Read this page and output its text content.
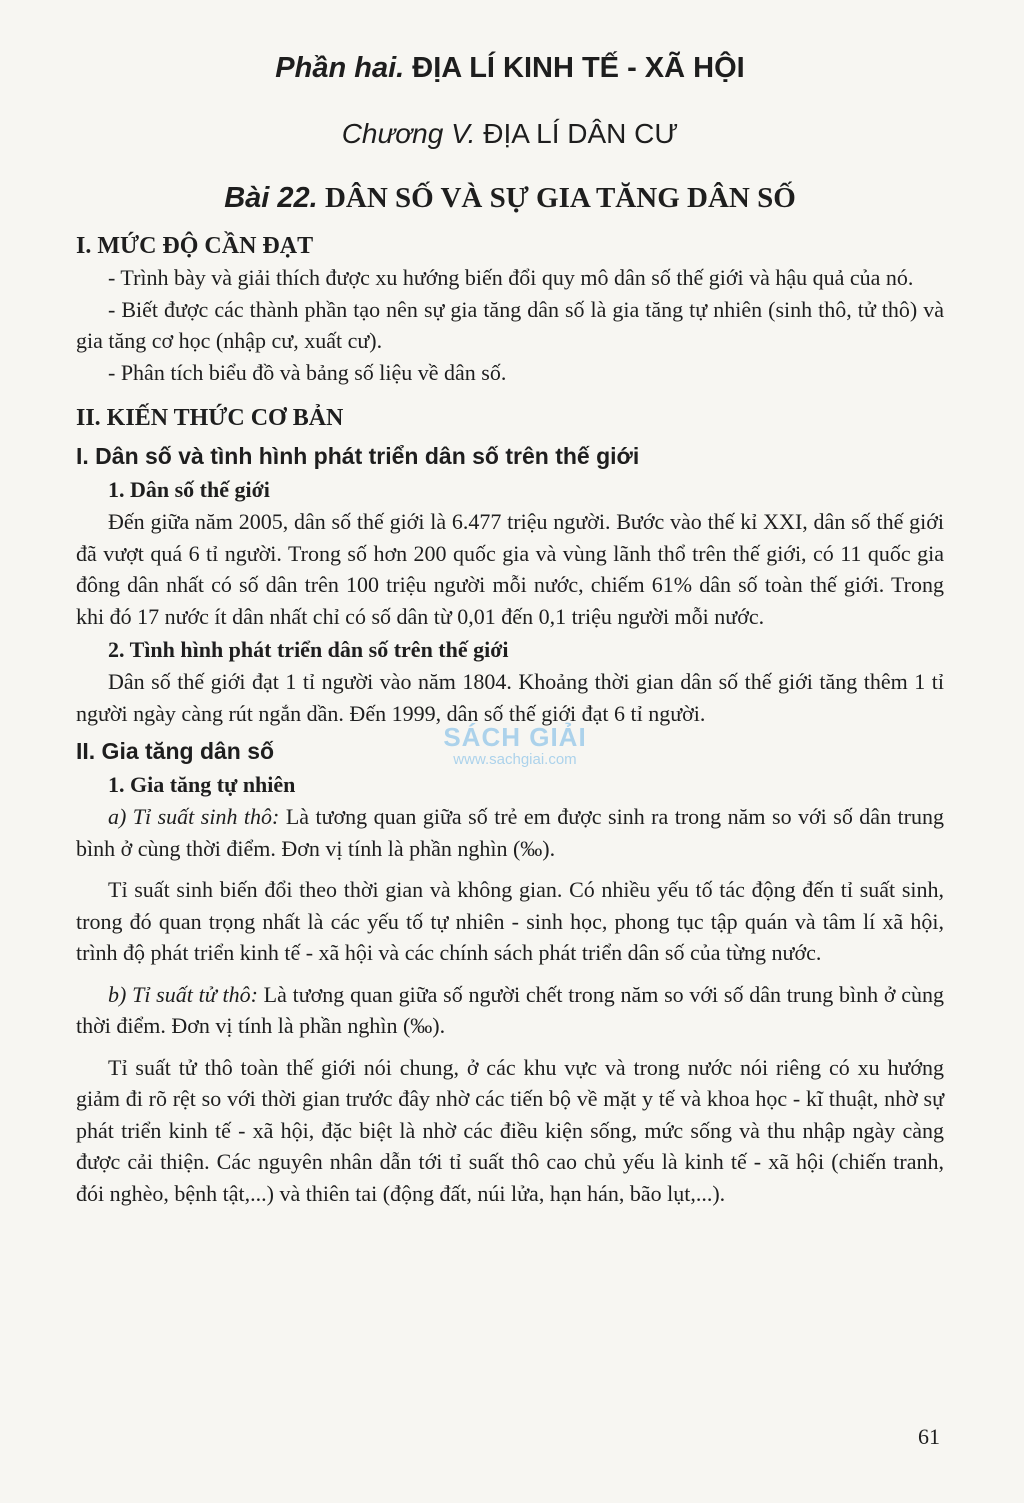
Phần hai. ĐỊA LÍ KINH TẾ - XÃ HỘI
Chương V. ĐỊA LÍ DÂN CƯ
Bài 22. DÂN SỐ VÀ SỰ GIA TĂNG DÂN SỐ
I. MỨC ĐỘ CẦN ĐẠT

- Trình bày và giải thích được xu hướng biến đổi quy mô dân số thế giới và hậu quả của nó.

- Biết được các thành phần tạo nên sự gia tăng dân số là gia tăng tự nhiên (sinh thô, tử thô) và gia tăng cơ học (nhập cư, xuất cư).

- Phân tích biểu đồ và bảng số liệu về dân số.

II. KIẾN THỨC CƠ BẢN
I. Dân số và tình hình phát triển dân số trên thế giới
1. Dân số thế giới

Đến giữa năm 2005, dân số thế giới là 6.477 triệu người. Bước vào thế kỉ XXI, dân số thế giới đã vượt quá 6 tỉ người. Trong số hơn 200 quốc gia và vùng lãnh thổ trên thế giới, có 11 quốc gia đông dân nhất có số dân trên 100 triệu người mỗi nước, chiếm 61% dân số toàn thế giới. Trong khi đó 17 nước ít dân nhất chỉ có số dân từ 0,01 đến 0,1 triệu người mỗi nước.

2. Tình hình phát triển dân số trên thế giới

Dân số thế giới đạt 1 tỉ người vào năm 1804. Khoảng thời gian dân số thế giới tăng thêm 1 tỉ người ngày càng rút ngắn dần. Đến 1999, dân số thế giới đạt 6 tỉ người.

II. Gia tăng dân số
1. Gia tăng tự nhiên

a) Tỉ suất sinh thô: Là tương quan giữa số trẻ em được sinh ra trong năm so với số dân trung bình ở cùng thời điểm. Đơn vị tính là phần nghìn (‰).

Tỉ suất sinh biến đổi theo thời gian và không gian. Có nhiều yếu tố tác động đến tỉ suất sinh, trong đó quan trọng nhất là các yếu tố tự nhiên - sinh học, phong tục tập quán và tâm lí xã hội, trình độ phát triển kinh tế - xã hội và các chính sách phát triển dân số của từng nước.

b) Tỉ suất tử thô: Là tương quan giữa số người chết trong năm so với số dân trung bình ở cùng thời điểm. Đơn vị tính là phần nghìn (‰).

Tỉ suất tử thô toàn thế giới nói chung, ở các khu vực và trong nước nói riêng có xu hướng giảm đi rõ rệt so với thời gian trước đây nhờ các tiến bộ về mặt y tế và khoa học - kĩ thuật, nhờ sự phát triển kinh tế - xã hội, đặc biệt là nhờ các điều kiện sống, mức sống và thu nhập ngày càng được cải thiện. Các nguyên nhân dẫn tới tỉ suất thô cao chủ yếu là kinh tế - xã hội (chiến tranh, đói nghèo, bệnh tật,...) và thiên tai (động đất, núi lửa, hạn hán, bão lụt,...).

SÁCH GIẢI
www.sachgiai.com
61
